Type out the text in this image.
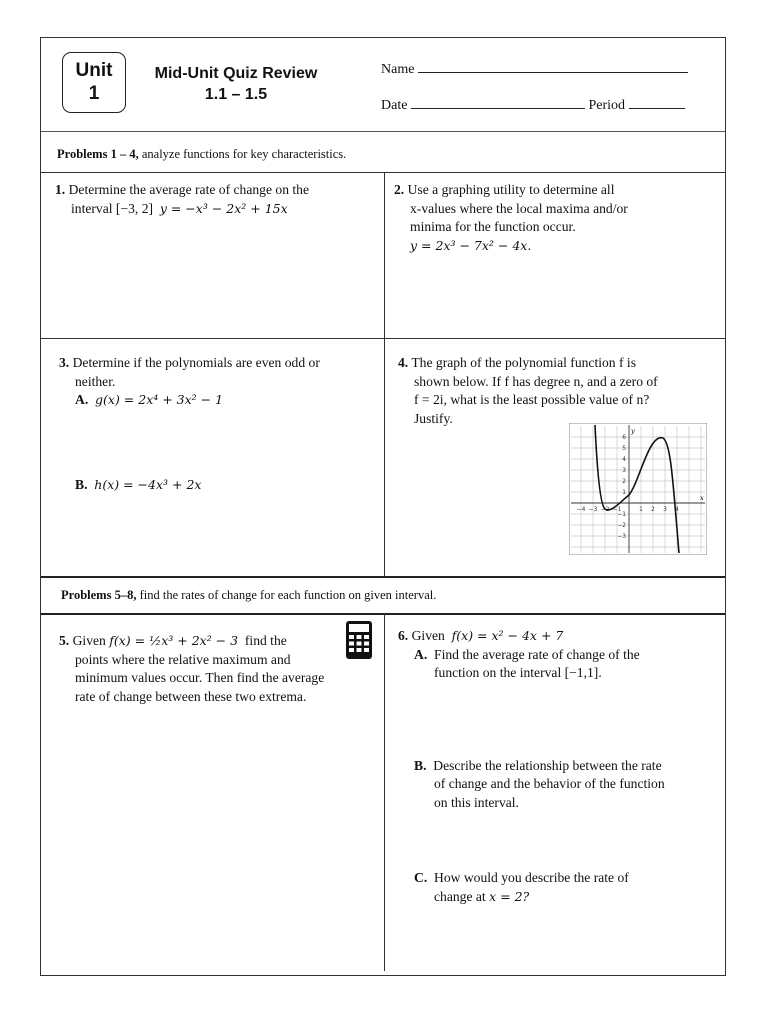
Unit
1
Mid-Unit Quiz Review
1.1 – 1.5
Name
Date	Period
Problems 1 – 4, analyze functions for key characteristics.
1. Determine the average rate of change on the
interval [−3, 2] y = −x³ − 2x² + 15x
2. Use a graphing utility to determine all
x-values where the local maxima and/or
minima for the function occur.
y = 2x³ − 7x² − 4x.
3. Determine if the polynomials are even odd or
neither.
A. g(x) = 2x⁴ + 3x² − 1
B. h(x) = −4x³ + 2x
4. The graph of the polynomial function f is
shown below. If f has degree n, and a zero of
f = 2i, what is the least possible value of n?
Justify.
y
x
−4 −3 −2 −1	1 2 3 4
6
5
4
3
2
1
−1
−2
−3
Problems 5–8, find the rates of change for each function on given interval.
5. Given f(x) = ½x³ + 2x² − 3 find the
points where the relative maximum and
minimum values occur. Then find the average
rate of change between these two extrema.
6. Given f(x) = x² − 4x + 7
A. Find the average rate of change of the
function on the interval [−1,1].
B. Describe the relationship between the rate
of change and the behavior of the function
on this interval.
C. How would you describe the rate of
change at x = 2?
